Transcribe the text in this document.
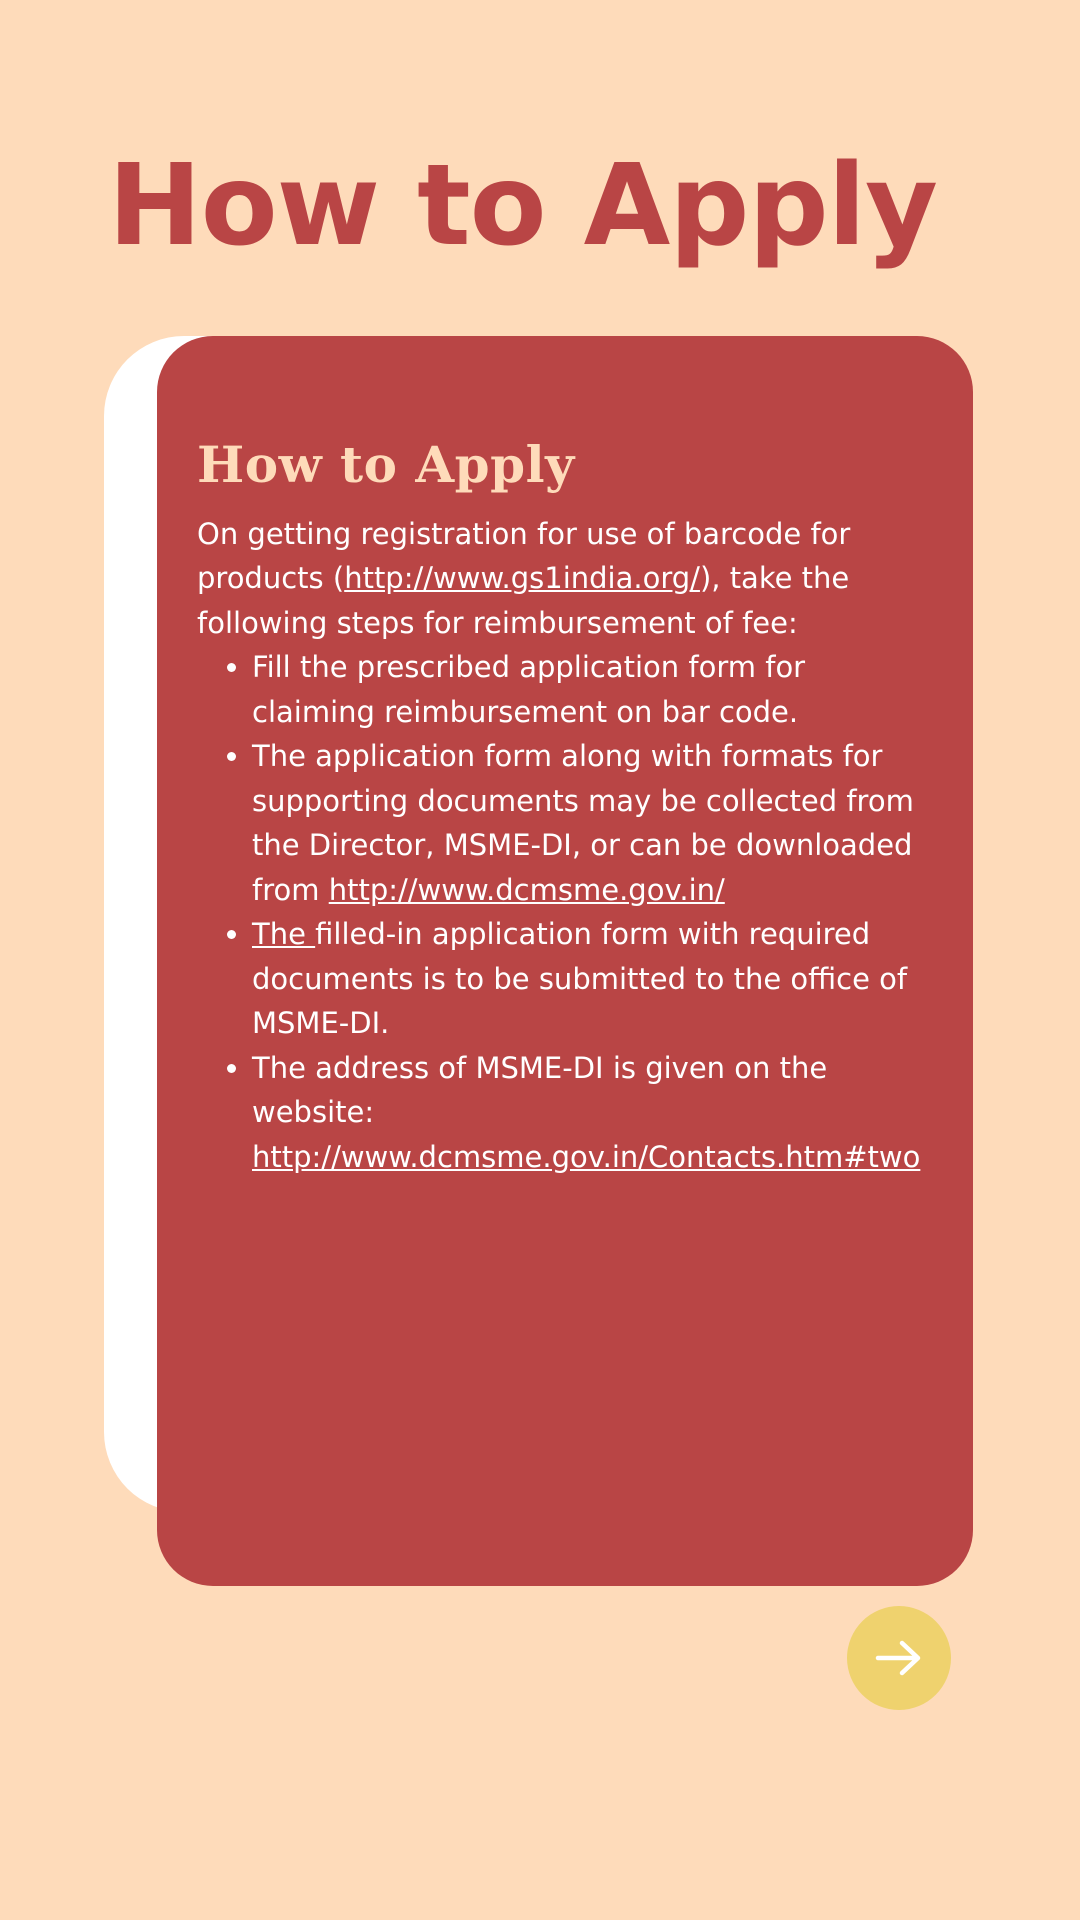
How to Apply
How to Apply

On getting registration for use of barcode for products (http://www.gs1india.org/), take the following steps for reimbursement of fee:

• Fill the prescribed application form for claiming reimbursement on bar code.
• The application form along with formats for supporting documents may be collected from the Director, MSME-DI, or can be downloaded from http://www.dcmsme.gov.in/
• The filled-in application form with required documents is to be submitted to the office of MSME-DI.
• The address of MSME-DI is given on the website: http://www.dcmsme.gov.in/Contacts.htm#two
